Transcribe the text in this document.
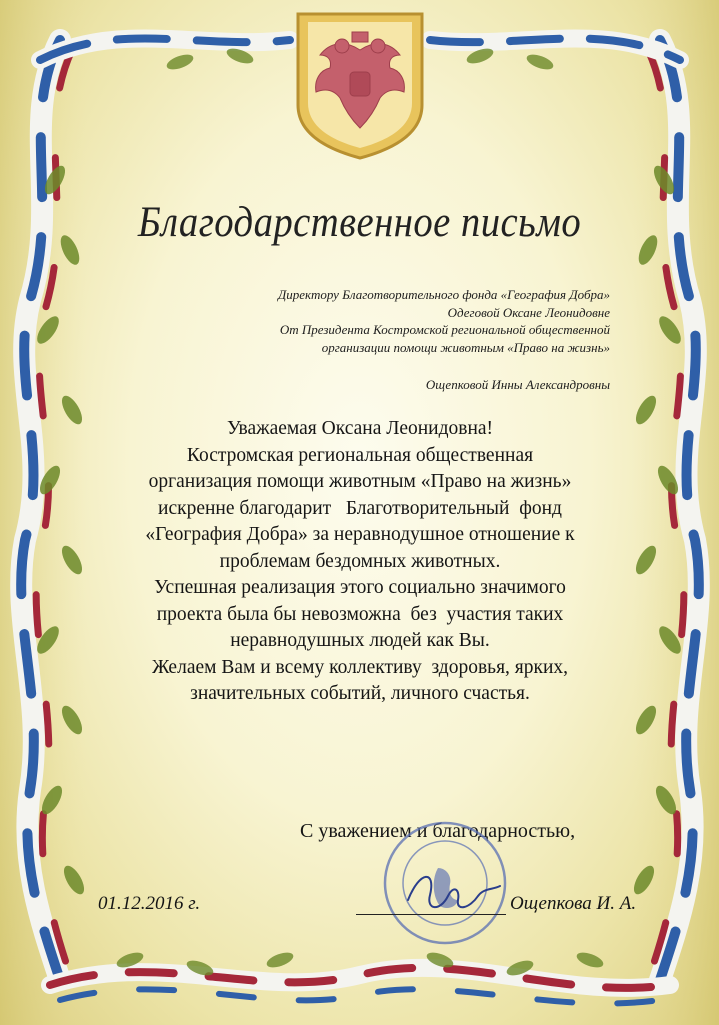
Благодарственное письмо
Директору Благотворительного фонда «География Добра»
Одеговой Оксане Леонидовне
От Президента Костромской региональной общественной
организации помощи животным «Право на жизнь»
Ощепковой Инны Александровны
Уважаемая Оксана Леонидовна!
Костромская региональная общественная
организация помощи животным «Право на жизнь»
искренне благодарит   Благотворительный  фонд
«География Добра» за неравнодушное отношение к
проблемам бездомных животных.
Успешная реализация этого социально значимого
проекта была бы невозможна  без  участия таких
неравнодушных людей как Вы.
Желаем Вам и всему коллективу  здоровья, ярких,
значительных событий, личного счастья.
С уважением и благодарностью,
01.12.2016 г.	Ощепкова И. А.
